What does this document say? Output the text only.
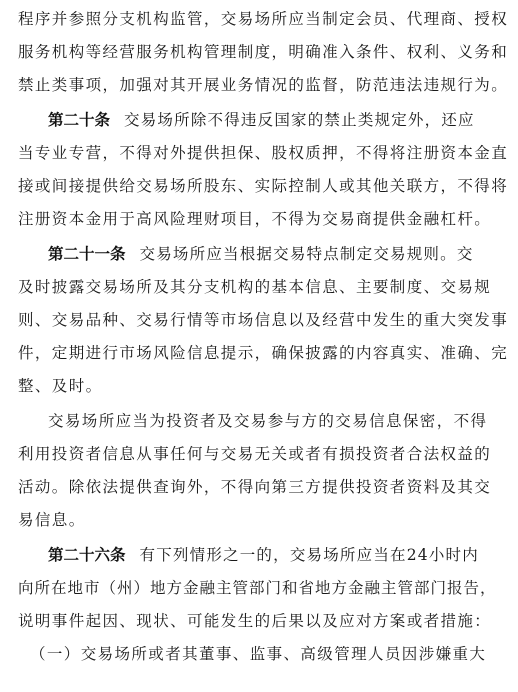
程序并参照分支机构监管，交易场所应当制定会员、代理商、授权
服务机构等经营服务机构管理制度，明确准入条件、权利、义务和
禁止类事项，加强对其开展业务情况的监督，防范违法违规行为。
第二十条 交易场所除不得违反国家的禁止类规定外，还应
当专业专营，不得对外提供担保、股权质押，不得将注册资本金直
接或间接提供给交易场所股东、实际控制人或其他关联方，不得将
注册资本金用于高风险理财项目，不得为交易商提供金融杠杆。
第二十一条 交易场所应当根据交易特点制定交易规则。交
及时披露交易场所及其分支机构的基本信息、主要制度、交易规
则、交易品种、交易行情等市场信息以及经营中发生的重大突发事
件，定期进行市场风险信息提示，确保披露的内容真实、准确、完
整、及时。
交易场所应当为投资者及交易参与方的交易信息保密，不得
利用投资者信息从事任何与交易无关或者有损投资者合法权益的
活动。除依法提供查询外，不得向第三方提供投资者资料及其交
易信息。
第二十六条 有下列情形之一的，交易场所应当在24小时内
向所在地市（州）地方金融主管部门和省地方金融主管部门报告，
说明事件起因、现状、可能发生的后果以及应对方案或者措施：
（一）交易场所或者其董事、监事、高级管理人员因涉嫌重大
